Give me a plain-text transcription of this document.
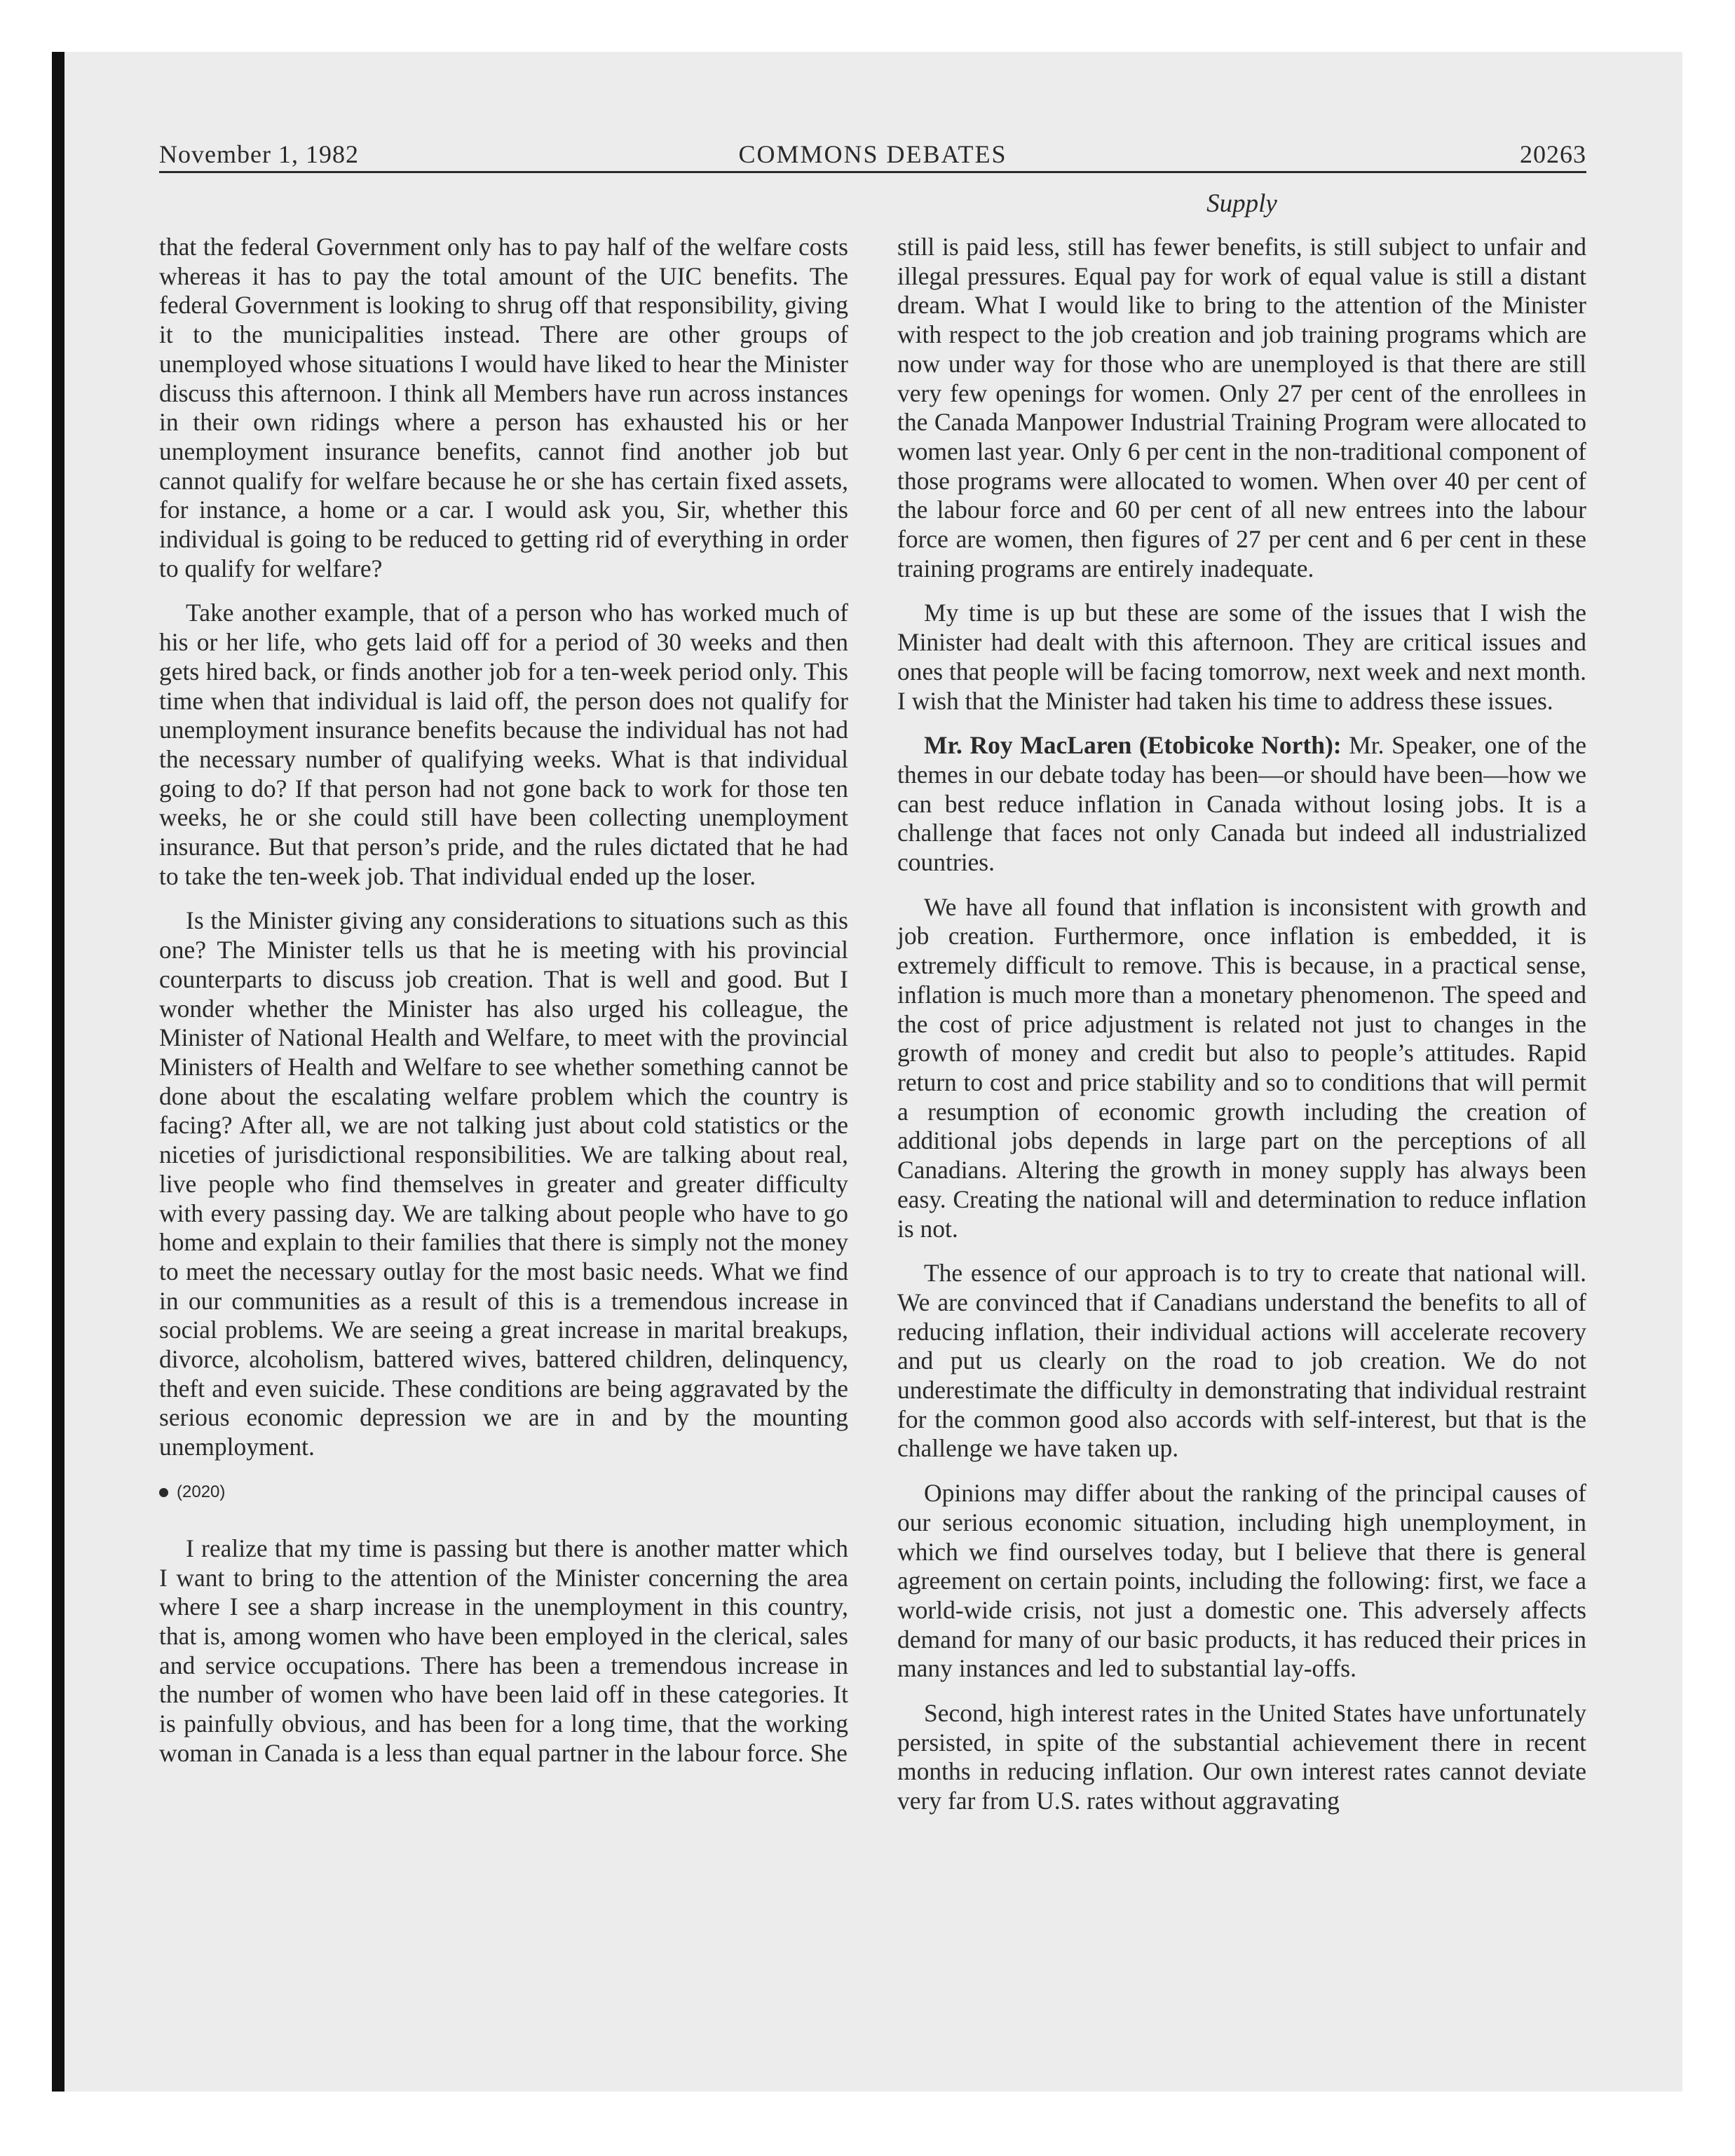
November 1, 1982	COMMONS DEBATES	20263
Supply

that the federal Government only has to pay half of the welfare costs whereas it has to pay the total amount of the UIC benefits. The federal Government is looking to shrug off that responsibility, giving it to the municipalities instead. There are other groups of unemployed whose situations I would have liked to hear the Minister discuss this afternoon. I think all Members have run across instances in their own ridings where a person has exhausted his or her unemployment insurance benefits, cannot find another job but cannot qualify for welfare because he or she has certain fixed assets, for instance, a home or a car. I would ask you, Sir, whether this individual is going to be reduced to getting rid of everything in order to qualify for welfare?

Take another example, that of a person who has worked much of his or her life, who gets laid off for a period of 30 weeks and then gets hired back, or finds another job for a ten-week period only. This time when that individual is laid off, the person does not qualify for unemployment insurance benefits because the individual has not had the necessary number of qualifying weeks. What is that individual going to do? If that person had not gone back to work for those ten weeks, he or she could still have been collecting unemployment insurance. But that person’s pride, and the rules dictated that he had to take the ten-week job. That individual ended up the loser.

Is the Minister giving any considerations to situations such as this one? The Minister tells us that he is meeting with his provincial counterparts to discuss job creation. That is well and good. But I wonder whether the Minister has also urged his colleague, the Minister of National Health and Welfare, to meet with the provincial Ministers of Health and Welfare to see whether something cannot be done about the escalating welfare problem which the country is facing? After all, we are not talking just about cold statistics or the niceties of jurisdictional responsibilities. We are talking about real, live people who find themselves in greater and greater difficulty with every passing day. We are talking about people who have to go home and explain to their families that there is simply not the money to meet the necessary outlay for the most basic needs. What we find in our communities as a result of this is a tremendous increase in social problems. We are seeing a great increase in marital breakups, divorce, alcoholism, battered wives, battered children, delinquency, theft and even suicide. These conditions are being aggravated by the serious economic depression we are in and by the mounting unemployment.

(2020)

I realize that my time is passing but there is another matter which I want to bring to the attention of the Minister concerning the area where I see a sharp increase in the unemployment in this country, that is, among women who have been employed in the clerical, sales and service occupations. There has been a tremendous increase in the number of women who have been laid off in these categories. It is painfully obvious, and has been for a long time, that the working woman in Canada is a less than equal partner in the labour force. She

still is paid less, still has fewer benefits, is still subject to unfair and illegal pressures. Equal pay for work of equal value is still a distant dream. What I would like to bring to the attention of the Minister with respect to the job creation and job training programs which are now under way for those who are unemployed is that there are still very few openings for women. Only 27 per cent of the enrollees in the Canada Manpower Industrial Training Program were allocated to women last year. Only 6 per cent in the non-traditional component of those programs were allocated to women. When over 40 per cent of the labour force and 60 per cent of all new entrees into the labour force are women, then figures of 27 per cent and 6 per cent in these training programs are entirely inadequate.

My time is up but these are some of the issues that I wish the Minister had dealt with this afternoon. They are critical issues and ones that people will be facing tomorrow, next week and next month. I wish that the Minister had taken his time to address these issues.

Mr. Roy MacLaren (Etobicoke North): Mr. Speaker, one of the themes in our debate today has been—or should have been—how we can best reduce inflation in Canada without losing jobs. It is a challenge that faces not only Canada but indeed all industrialized countries.

We have all found that inflation is inconsistent with growth and job creation. Furthermore, once inflation is embedded, it is extremely difficult to remove. This is because, in a practical sense, inflation is much more than a monetary phenomenon. The speed and the cost of price adjustment is related not just to changes in the growth of money and credit but also to people’s attitudes. Rapid return to cost and price stability and so to conditions that will permit a resumption of economic growth including the creation of additional jobs depends in large part on the perceptions of all Canadians. Altering the growth in money supply has always been easy. Creating the national will and determination to reduce inflation is not.

The essence of our approach is to try to create that national will. We are convinced that if Canadians understand the benefits to all of reducing inflation, their individual actions will accelerate recovery and put us clearly on the road to job creation. We do not underestimate the difficulty in demonstrating that individual restraint for the common good also accords with self-interest, but that is the challenge we have taken up.

Opinions may differ about the ranking of the principal causes of our serious economic situation, including high unemployment, in which we find ourselves today, but I believe that there is general agreement on certain points, including the following: first, we face a world-wide crisis, not just a domestic one. This adversely affects demand for many of our basic products, it has reduced their prices in many instances and led to substantial lay-offs.

Second, high interest rates in the United States have unfortunately persisted, in spite of the substantial achievement there in recent months in reducing inflation. Our own interest rates cannot deviate very far from U.S. rates without aggravating
